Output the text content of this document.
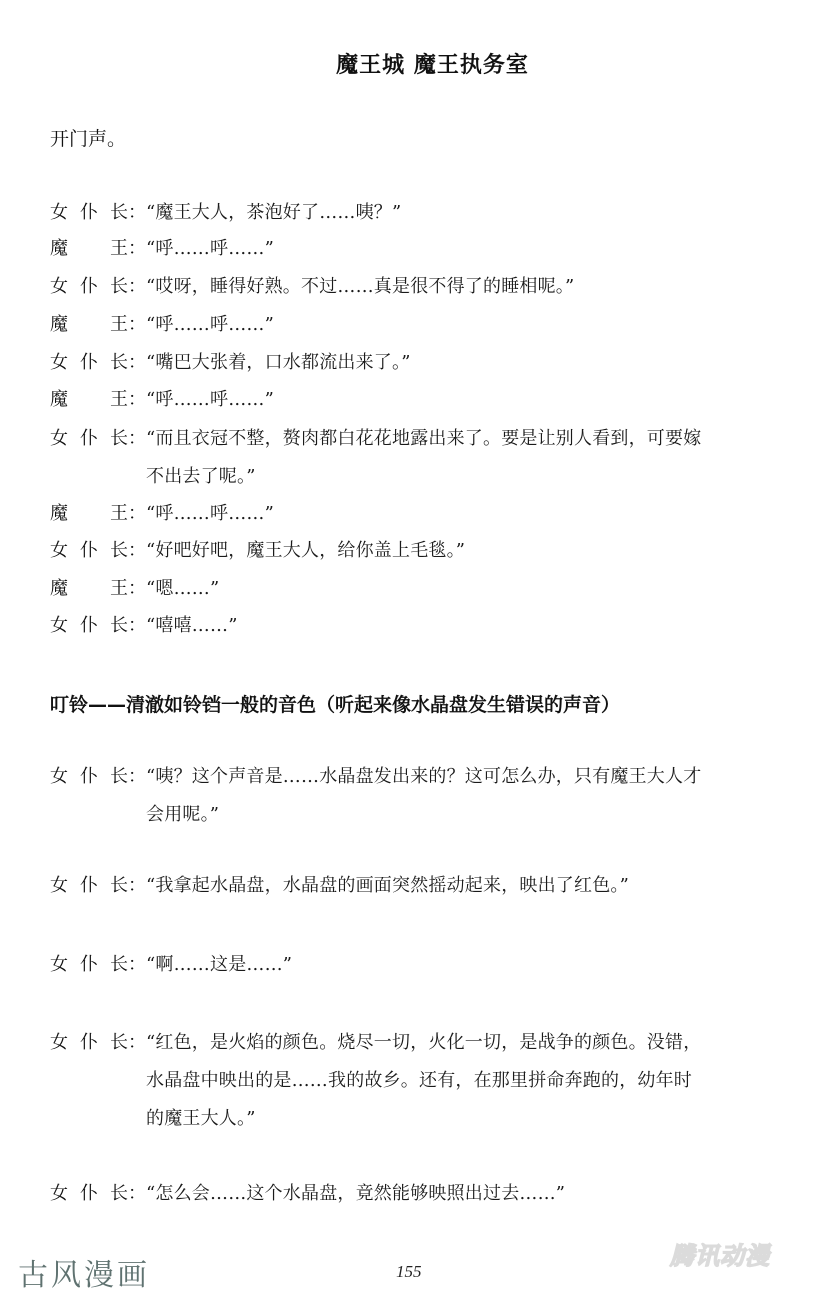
魔王城 魔王执务室
开门声。
女 仆 长： “魔王大人，茶泡好了……咦？”
魔 王： “呼……呼……”
女 仆 长： “哎呀，睡得好熟。不过……真是很不得了的睡相呢。”
魔 王： “呼……呼……”
女 仆 长： “嘴巴大张着，口水都流出来了。”
魔 王： “呼……呼……”
女 仆 长： “而且衣冠不整，赘肉都白花花地露出来了。要是让别人看到，可要嫁
不出去了呢。”
魔 王： “呼……呼……”
女 仆 长： “好吧好吧，魔王大人，给你盖上毛毯。”
魔 王： “嗯……”
女 仆 长： “嘻嘻……”
叮铃——清澈如铃铛一般的音色（听起来像水晶盘发生错误的声音）
女 仆 长： “咦？这个声音是……水晶盘发出来的？这可怎么办，只有魔王大人才
会用呢。”
女 仆 长： “我拿起水晶盘，水晶盘的画面突然摇动起来，映出了红色。”
女 仆 长： “啊……这是……”
女 仆 长： “红色，是火焰的颜色。烧尽一切，火化一切，是战争的颜色。没错，
水晶盘中映出的是……我的故乡。还有，在那里拼命奔跑的，幼年时
的魔王大人。”
女 仆 长： “怎么会……这个水晶盘，竟然能够映照出过去……”
古风漫画	155
腾讯动漫
